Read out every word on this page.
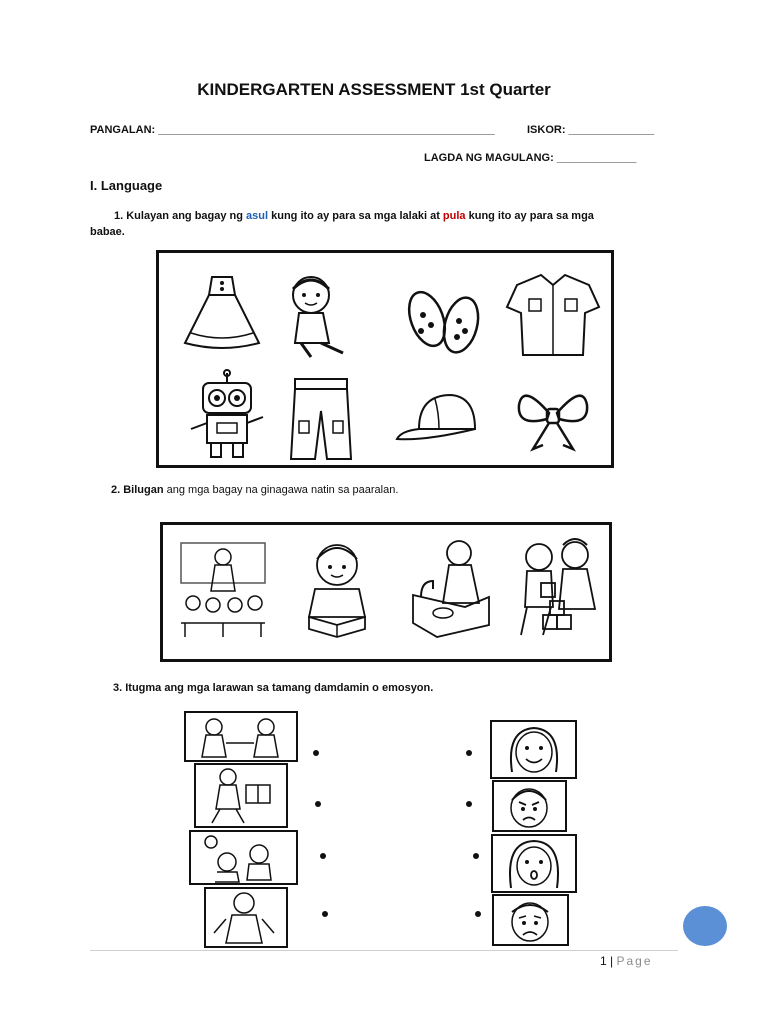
KINDERGARTEN ASSESSMENT 1st Quarter
PANGALAN: _______________________________________________________	ISKOR: ______________
LAGDA NG MAGULANG: _____________
I. Language
1. Kulayan ang bagay ng asul kung ito ay para sa mga lalaki at pula kung ito ay para sa mga
babae.
2. Bilugan ang mga bagay na ginagawa natin sa paaralan.
3. Itugma ang mga larawan sa tamang damdamin o emosyon.
1 | Page
